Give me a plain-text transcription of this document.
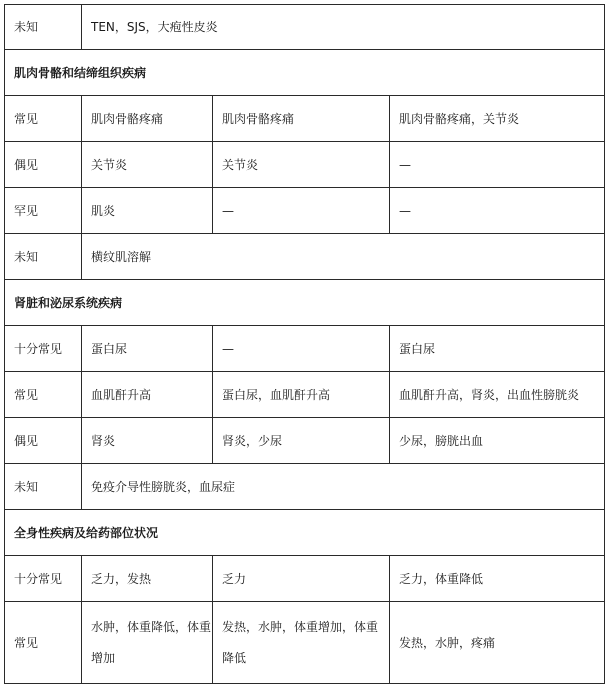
未知	TEN，SJS，大疱性皮炎		
肌肉骨骼和结缔组织疾病			
常见	肌肉骨骼疼痛	肌肉骨骼疼痛	肌肉骨骼疼痛，关节炎
偶见	关节炎	关节炎	—
罕见	肌炎	—	—
未知	横纹肌溶解		
肾脏和泌尿系统疾病			
十分常见	蛋白尿	—	蛋白尿
常见	血肌酐升高	蛋白尿，血肌酐升高	血肌酐升高，肾炎，出血性膀胱炎
偶见	肾炎	肾炎，少尿	少尿，膀胱出血
未知	免疫介导性膀胱炎，血尿症		
全身性疾病及给药部位状况			
十分常见	乏力，发热	乏力	乏力，体重降低
常见	水肿，体重降低，体重增加	发热，水肿，体重增加，体重降低	发热，水肿，疼痛
